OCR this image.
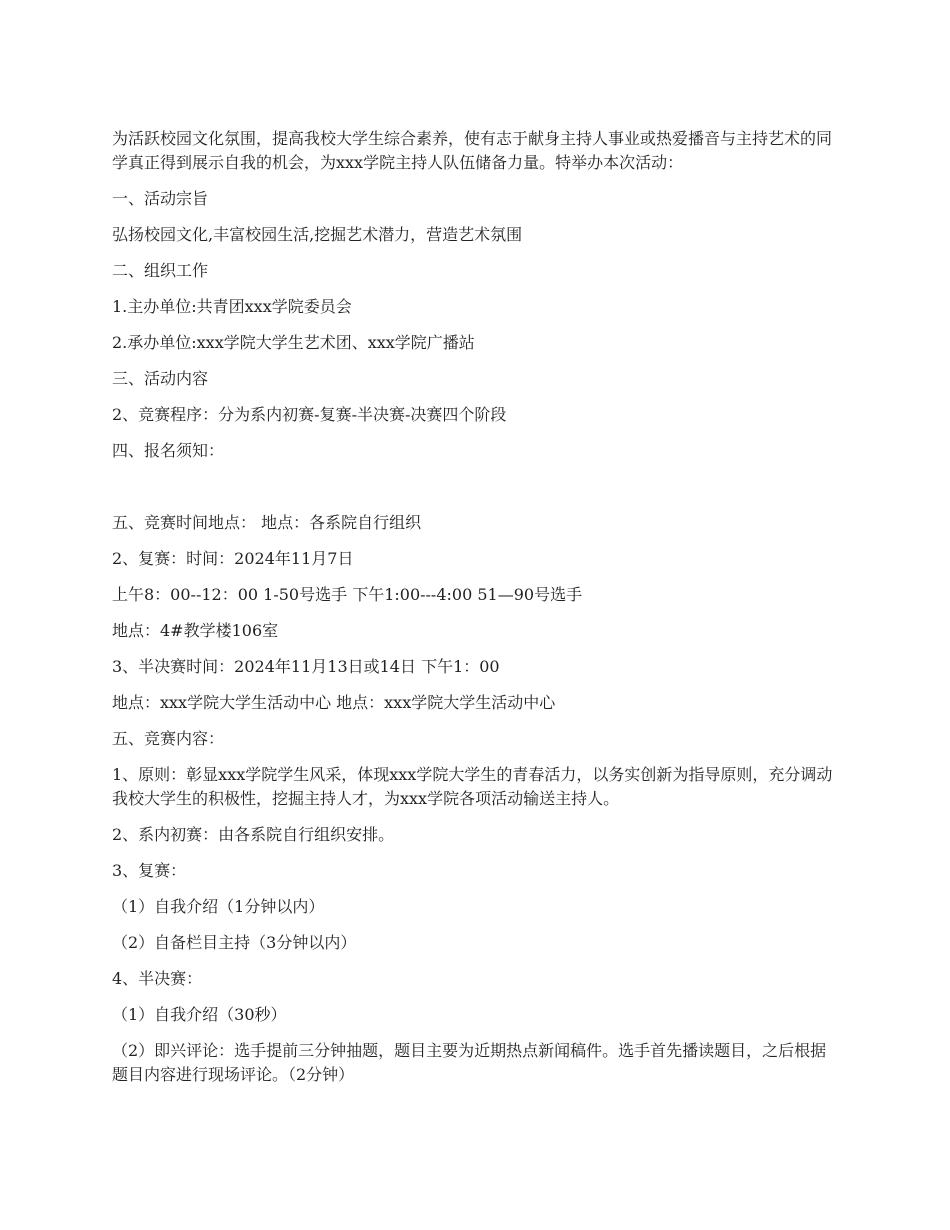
为活跃校园文化氛围，提高我校大学生综合素养，使有志于献身主持人事业或热爱播音与主持艺术的同学真正得到展示自我的机会，为xxx学院主持人队伍储备力量。特举办本次活动：

一、活动宗旨

弘扬校园文化,丰富校园生活,挖掘艺术潜力，营造艺术氛围

二、组织工作

1.主办单位:共青团xxx学院委员会

2.承办单位:xxx学院大学生艺术团、xxx学院广播站

三、活动内容

2、竞赛程序：分为系内初赛-复赛-半决赛-决赛四个阶段

四、报名须知：

五、竞赛时间地点： 地点：各系院自行组织

2、复赛：时间：2024年11月7日

上午8：00--12：00 1-50号选手 下午1:00---4:00 51—90号选手

地点：4#教学楼106室

3、半决赛时间：2024年11月13日或14日 下午1：00

地点：xxx学院大学生活动中心 地点：xxx学院大学生活动中心

五、竞赛内容：

1、原则：彰显xxx学院学生风采，体现xxx学院大学生的青春活力，以务实创新为指导原则，充分调动我校大学生的积极性，挖掘主持人才，为xxx学院各项活动输送主持人。

2、系内初赛：由各系院自行组织安排。

3、复赛：

（1）自我介绍（1分钟以内）

（2）自备栏目主持（3分钟以内）

4、半决赛：

（1）自我介绍（30秒）

（2）即兴评论：选手提前三分钟抽题，题目主要为近期热点新闻稿件。选手首先播读题目，之后根据题目内容进行现场评论。（2分钟）
